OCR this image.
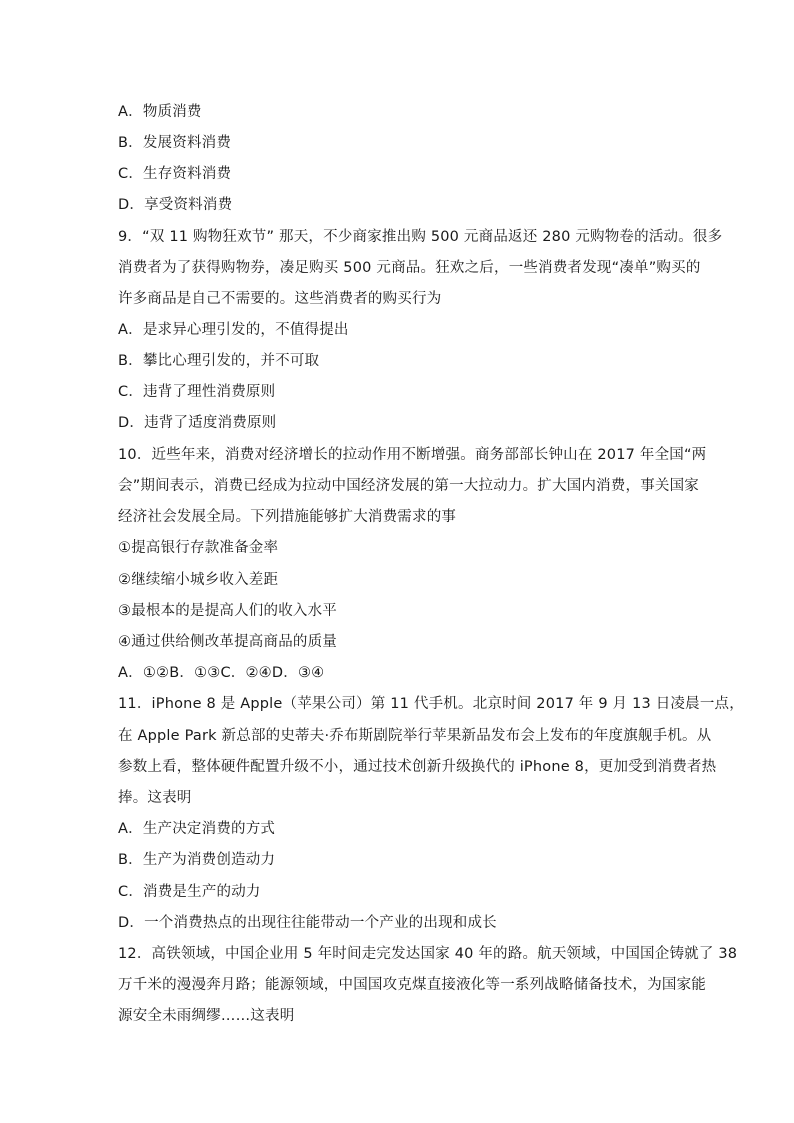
A．物质消费
B．发展资料消费
C．生存资料消费
D．享受资料消费
9．“双 11 购物狂欢节” 那天，不少商家推出购 500 元商品返还 280 元购物卷的活动。很多
消费者为了获得购物券，凑足购买 500 元商品。狂欢之后，一些消费者发现“凑单”购买的
许多商品是自己不需要的。这些消费者的购买行为
A．是求异心理引发的，不值得提出
B．攀比心理引发的，并不可取
C．违背了理性消费原则
D．违背了适度消费原则
10．近些年来，消费对经济增长的拉动作用不断增强。商务部部长钟山在 2017 年全国“两
会”期间表示，消费已经成为拉动中国经济发展的第一大拉动力。扩大国内消费，事关国家
经济社会发展全局。下列措施能够扩大消费需求的事
①提高银行存款准备金率
②继续缩小城乡收入差距
③最根本的是提高人们的收入水平
④通过供给侧改革提高商品的质量
A．①②B．①③C．②④D．③④
11．iPhone 8 是 Apple（苹果公司）第 11 代手机。北京时间 2017 年 9 月 13 日凌晨一点，
在 Apple Park 新总部的史蒂夫·乔布斯剧院举行苹果新品发布会上发布的年度旗舰手机。从
参数上看，整体硬件配置升级不小，通过技术创新升级换代的 iPhone 8，更加受到消费者热
捧。这表明
A．生产决定消费的方式
B．生产为消费创造动力
C．消费是生产的动力
D．一个消费热点的出现往往能带动一个产业的出现和成长
12．高铁领域，中国企业用 5 年时间走完发达国家 40 年的路。航天领域，中国国企铸就了 38
万千米的漫漫奔月路；能源领域，中国国攻克煤直接液化等一系列战略储备技术，为国家能
源安全未雨绸缪……这表明
